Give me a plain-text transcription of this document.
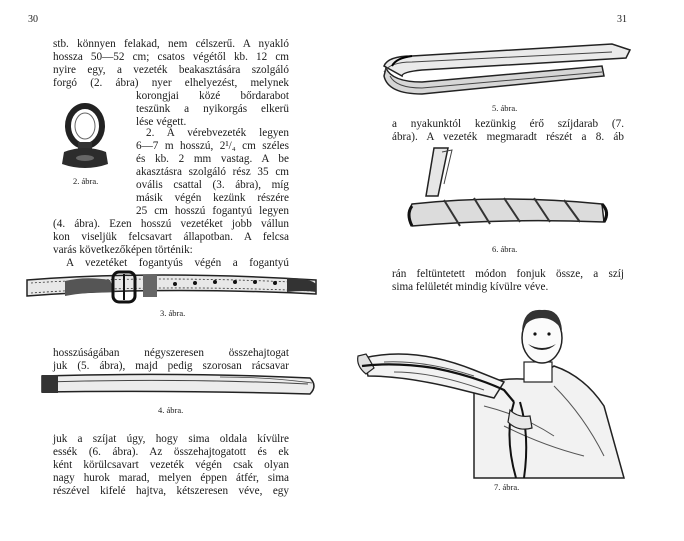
30

stb. könnyen felakad, nem célszerű. A nyakló

hossza 50—52 cm; csatos végétől kb. 12 cm

nyire egy, a vezeték beakasztására szolgáló

forgó (2. ábra) nyer elhelyezést, melynek

2. ábra.

korongjai közé bőrdarabot

teszünk a nyikorgás elkerü

lése végett.

2. A vérebvezeték legyen

6—7 m hosszú, 2¹/₄ cm széles

és kb. 2 mm vastag. A be

akasztásra szolgáló rész 35 cm

ovális csattal (3. ábra), míg

másik végén kezünk részére

25 cm hosszú fogantyú legyen

(4. ábra). Ezen hosszú vezetéket jobb vállun

kon viseljük felcsavart állapotban. A felcsa

varás következőképen történik:

A vezetéket fogantyús végén a fogantyú

3. ábra.

hosszúságában négyszeresen összehajtogat

juk (5. ábra), majd pedig szorosan rácsavar

4. ábra.

juk a szíjat úgy, hogy sima oldala kívülre

essék (6. ábra). Az összehajtogatott és ek

ként körülcsavart vezeték végén csak olyan

nagy hurok marad, melyen éppen átfér, sima

részével kifelé hajtva, kétszeresen véve, egy

31
5. ábra.

a nyakunktól kezünkig érő szíjdarab (7.

ábra). A vezeték megmaradt részét a 8. áb

6. ábra.

rán feltüntetett módon fonjuk össze, a szíj

sima felületét mindig kívülre véve.

7. ábra.
